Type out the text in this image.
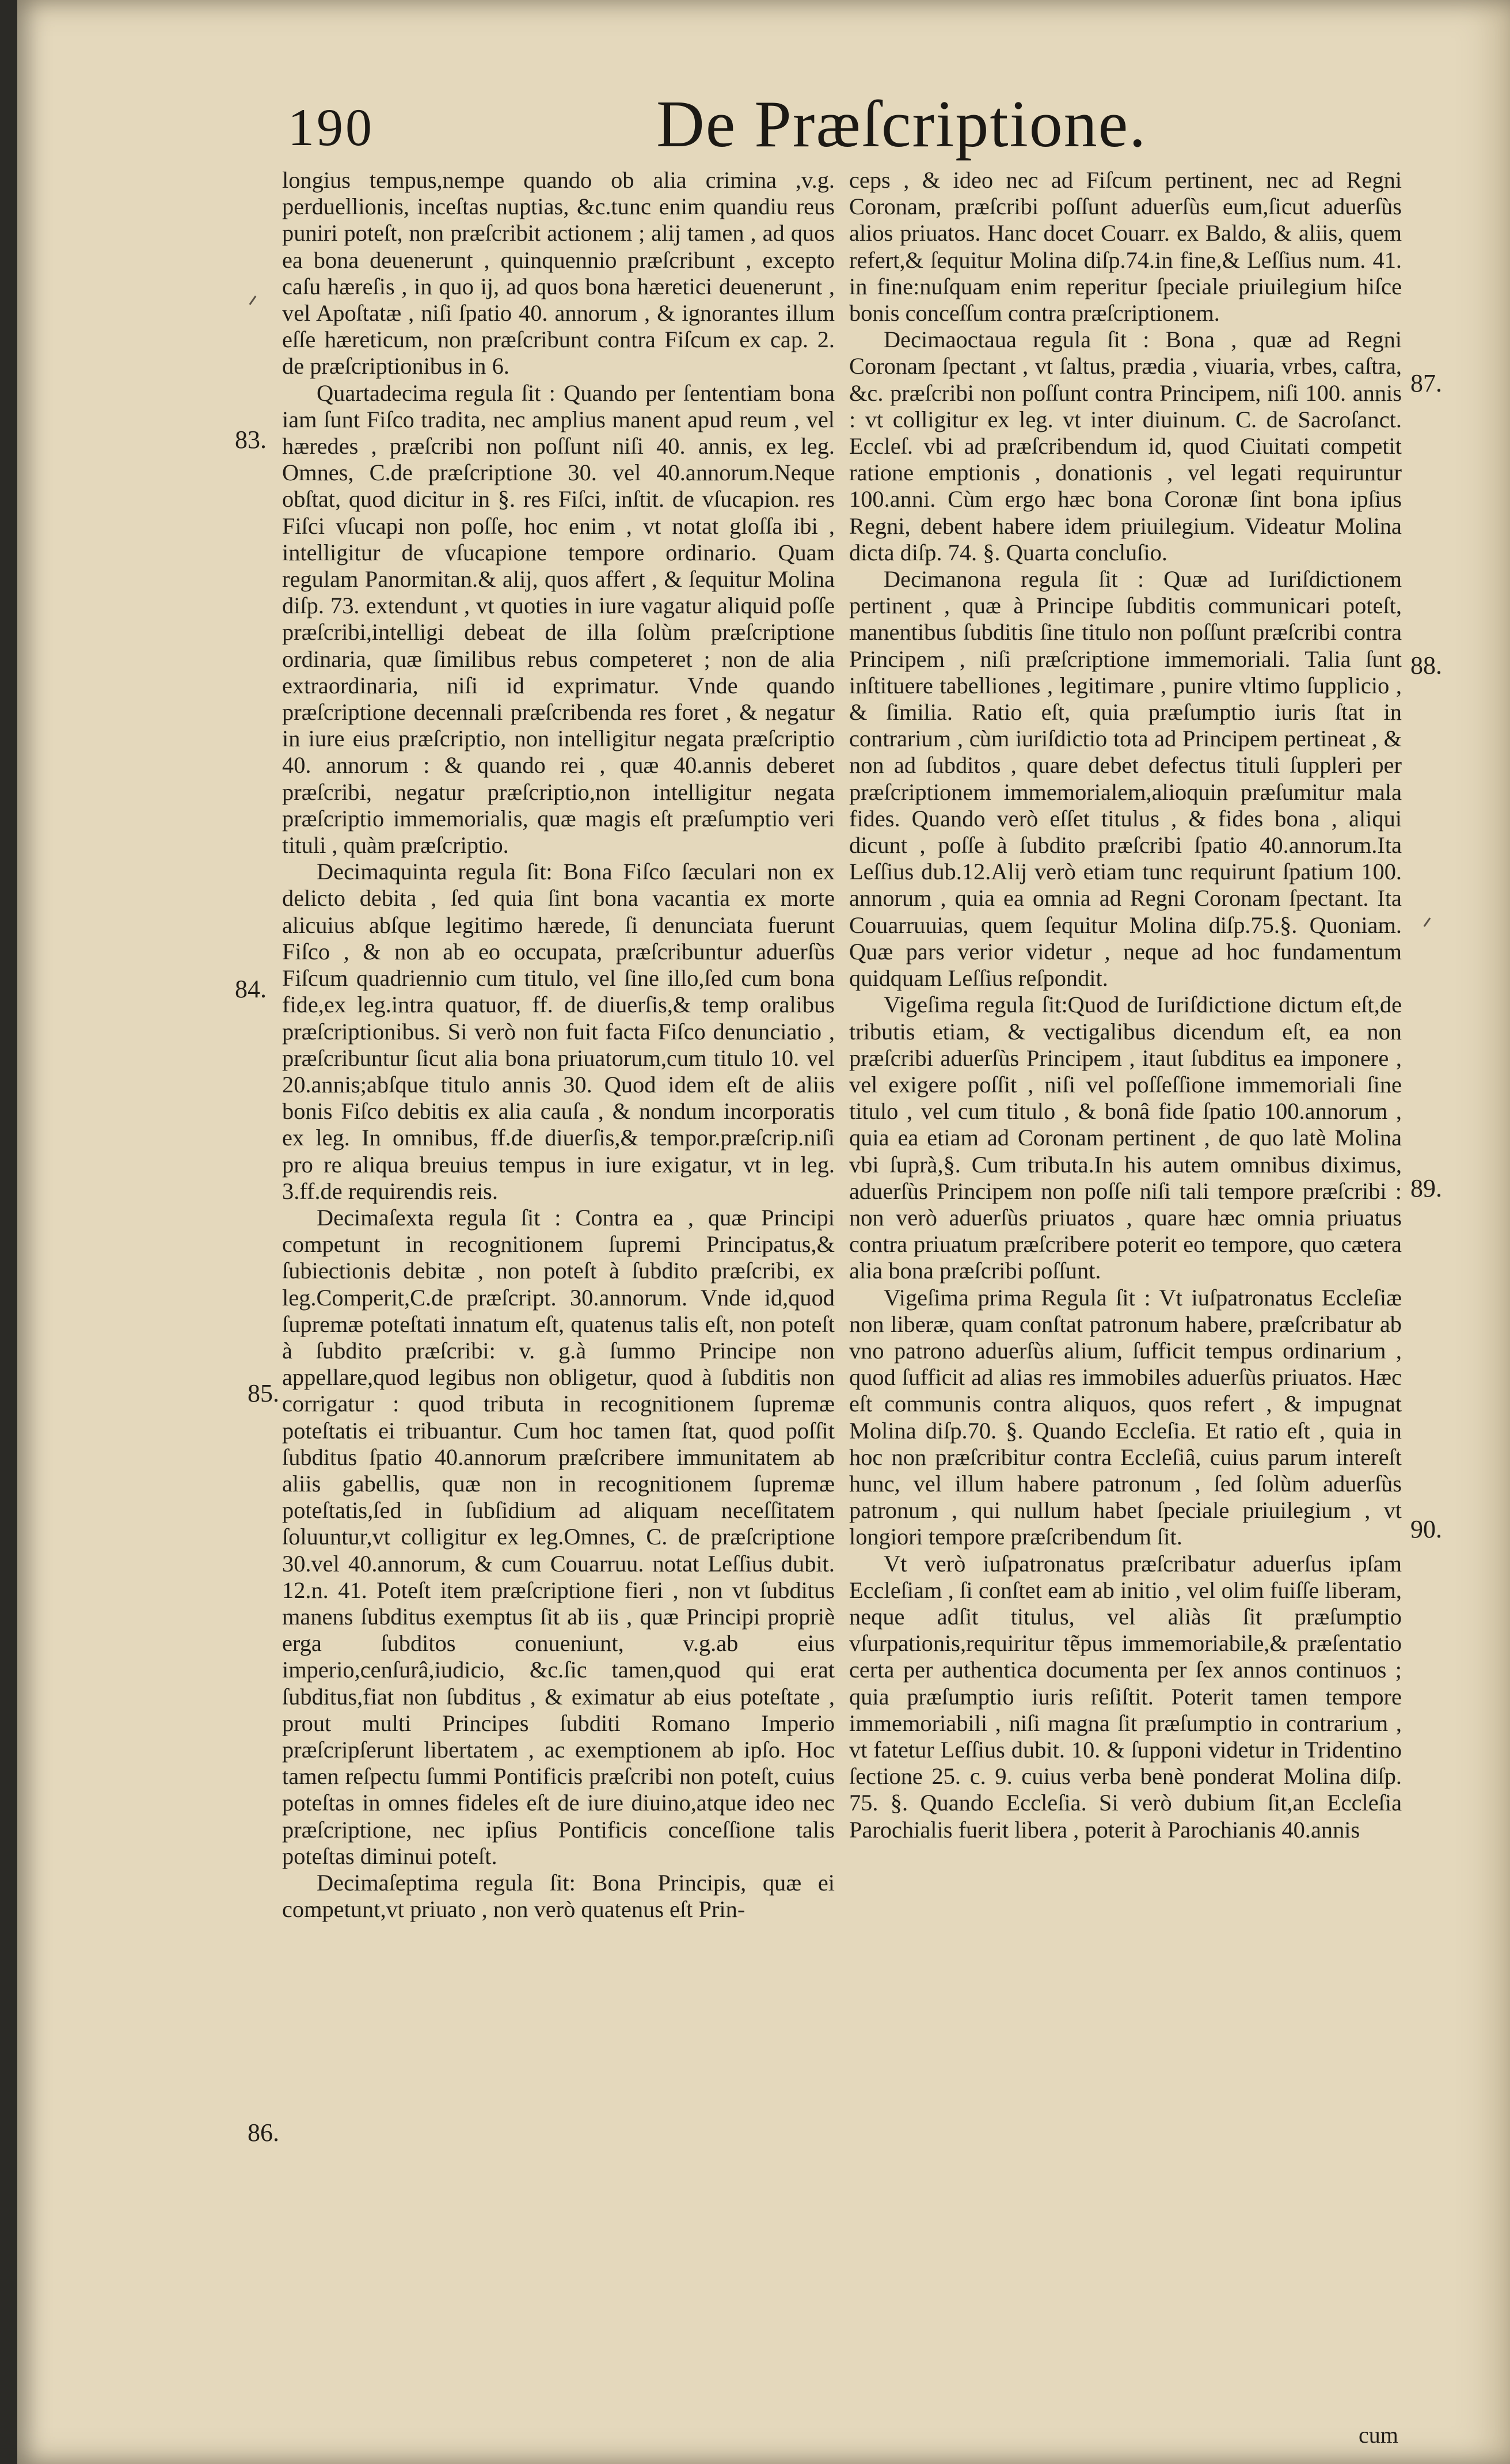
190	De Præſcriptione.
83.
84.
85.
86.
87.
88.
89.
90.

longius tempus,nempe quando ob alia crimina ,v.g. perduellionis, inceſtas nuptias, &c.tunc enim quandiu reus puniri poteſt, non præſcribit actionem ; alij tamen , ad quos ea bona deuenerunt , quinquennio præſcribunt , excepto caſu hæreſis , in quo ij, ad quos bona hæretici deuenerunt , vel Apoſtatæ , niſi ſpatio 40. annorum , & ignorantes illum eſſe hæreticum, non præſcribunt contra Fiſcum ex cap. 2. de præſcriptionibus in 6.

Quartadecima regula ſit : Quando per ſententiam bona iam ſunt Fiſco tradita, nec amplius manent apud reum , vel hæredes , præſcribi non poſſunt niſi 40. annis, ex leg. Omnes, C.de præſcriptione 30. vel 40.annorum.Neque obſtat, quod dicitur in §. res Fiſci, inſtit. de vſucapion. res Fiſci vſucapi non poſſe, hoc enim , vt notat gloſſa ibi , intelligitur de vſucapione tempore ordinario. Quam regulam Panormitan.& alij, quos affert , & ſequitur Molina diſp. 73. extendunt , vt quoties in iure vagatur aliquid poſſe præſcribi,intelligi debeat de illa ſolùm præſcriptione ordinaria, quæ ſimilibus rebus competeret ; non de alia extraordinaria, niſi id exprimatur. Vnde quando præſcriptione decennali præſcribenda res foret , & negatur in iure eius præſcriptio, non intelligitur negata præſcriptio 40. annorum : & quando rei , quæ 40.annis deberet præſcribi, negatur præſcriptio,non intelligitur negata præſcriptio immemorialis, quæ magis eſt præſumptio veri tituli , quàm præſcriptio.

Decimaquinta regula ſit: Bona Fiſco ſæculari non ex delicto debita , ſed quia ſint bona vacantia ex morte alicuius abſque legitimo hærede, ſi denunciata fuerunt Fiſco , & non ab eo occupata, præſcribuntur aduerſùs Fiſcum quadriennio cum titulo, vel ſine illo,ſed cum bona fide,ex leg.intra quatuor, ff. de diuerſis,& temp oralibus præſcriptionibus. Si verò non fuit facta Fiſco denunciatio , præſcribuntur ſicut alia bona priuatorum,cum titulo 10. vel 20.annis;abſque titulo annis 30. Quod idem eſt de aliis bonis Fiſco debitis ex alia cauſa , & nondum incorporatis ex leg. In omnibus, ff.de diuerſis,& tempor.præſcrip.niſi pro re aliqua breuius tempus in iure exigatur, vt in leg. 3.ff.de requirendis reis.

Decimaſexta regula ſit : Contra ea , quæ Principi competunt in recognitionem ſupremi Principatus,& ſubiectionis debitæ , non poteſt à ſubdito præſcribi, ex leg.Comperit,C.de præſcript. 30.annorum. Vnde id,quod ſupremæ poteſtati innatum eſt, quatenus talis eſt, non poteſt à ſubdito præſcribi: v. g.à ſummo Principe non appellare,quod legibus non obligetur, quod à ſubditis non corrigatur : quod tributa in recognitionem ſupremæ poteſtatis ei tribuantur. Cum hoc tamen ſtat, quod poſſit ſubditus ſpatio 40.annorum præſcribere immunitatem ab aliis gabellis, quæ non in recognitionem ſupremæ poteſtatis,ſed in ſubſidium ad aliquam neceſſitatem ſoluuntur,vt colligitur ex leg.Omnes, C. de præſcriptione 30.vel 40.annorum, & cum Couarruu. notat Leſſius dubit. 12.n. 41. Poteſt item præſcriptione fieri , non vt ſubditus manens ſubditus exemptus ſit ab iis , quæ Principi propriè erga ſubditos conueniunt, v.g.ab eius imperio,cenſurâ,iudicio, &c.ſic tamen,quod qui erat ſubditus,fiat non ſubditus , & eximatur ab eius poteſtate , prout multi Principes ſubditi Romano Imperio præſcripſerunt libertatem , ac exemptionem ab ipſo. Hoc tamen reſpectu ſummi Pontificis præſcribi non poteſt, cuius poteſtas in omnes fideles eſt de iure diuino,atque ideo nec præſcriptione, nec ipſius Pontificis conceſſione talis poteſtas diminui poteſt.

Decimaſeptima regula ſit: Bona Principis, quæ ei competunt,vt priuato , non verò quatenus eſt Prin-

ceps , & ideo nec ad Fiſcum pertinent, nec ad Regni Coronam, præſcribi poſſunt aduerſùs eum,ſicut aduerſùs alios priuatos. Hanc docet Couarr. ex Baldo, & aliis, quem refert,& ſequitur Molina diſp.74.in fine,& Leſſius num. 41. in fine:nuſquam enim reperitur ſpeciale priuilegium hiſce bonis conceſſum contra præſcriptionem.

Decimaoctaua regula ſit : Bona , quæ ad Regni Coronam ſpectant , vt ſaltus, prædia , viuaria, vrbes, caſtra, &c. præſcribi non poſſunt contra Principem, niſi 100. annis : vt colligitur ex leg. vt inter diuinum. C. de Sacroſanct. Eccleſ. vbi ad præſcribendum id, quod Ciuitati competit ratione emptionis , donationis , vel legati requiruntur 100.anni. Cùm ergo hæc bona Coronæ ſint bona ipſius Regni, debent habere idem priuilegium. Videatur Molina dicta diſp. 74. §. Quarta concluſio.

Decimanona regula ſit : Quæ ad Iuriſdictionem pertinent , quæ à Principe ſubditis communicari poteſt, manentibus ſubditis ſine titulo non poſſunt præſcribi contra Principem , niſi præſcriptione immemoriali. Talia ſunt inſtituere tabelliones , legitimare , punire vltimo ſupplicio , & ſimilia. Ratio eſt, quia præſumptio iuris ſtat in contrarium , cùm iuriſdictio tota ad Principem pertineat , & non ad ſubditos , quare debet defectus tituli ſuppleri per præſcriptionem immemorialem,alioquin præſumitur mala fides. Quando verò eſſet titulus , & fides bona , aliqui dicunt , poſſe à ſubdito præſcribi ſpatio 40.annorum.Ita Leſſius dub.12.Alij verò etiam tunc requirunt ſpatium 100. annorum , quia ea omnia ad Regni Coronam ſpectant. Ita Couarruuias, quem ſequitur Molina diſp.75.§. Quoniam. Quæ pars verior videtur , neque ad hoc fundamentum quidquam Leſſius reſpondit.

Vigeſima regula ſit:Quod de Iuriſdictione dictum eſt,de tributis etiam, & vectigalibus dicendum eſt, ea non præſcribi aduerſùs Principem , itaut ſubditus ea imponere , vel exigere poſſit , niſi vel poſſeſſione immemoriali ſine titulo , vel cum titulo , & bonâ fide ſpatio 100.annorum , quia ea etiam ad Coronam pertinent , de quo latè Molina vbi ſuprà,§. Cum tributa.In his autem omnibus diximus, aduerſùs Principem non poſſe niſi tali tempore præſcribi : non verò aduerſùs priuatos , quare hæc omnia priuatus contra priuatum præſcribere poterit eo tempore, quo cætera alia bona præſcribi poſſunt.

Vigeſima prima Regula ſit : Vt iuſpatronatus Eccleſiæ non liberæ, quam conſtat patronum habere, præſcribatur ab vno patrono aduerſùs alium, ſufficit tempus ordinarium , quod ſufficit ad alias res immobiles aduerſùs priuatos. Hæc eſt communis contra aliquos, quos refert , & impugnat Molina diſp.70. §. Quando Eccleſia. Et ratio eſt , quia in hoc non præſcribitur contra Eccleſiâ, cuius parum intereſt hunc, vel illum habere patronum , ſed ſolùm aduerſùs patronum , qui nullum habet ſpeciale priuilegium , vt longiori tempore præſcribendum ſit.

Vt verò iuſpatronatus præſcribatur aduerſus ipſam Eccleſiam , ſi conſtet eam ab initio , vel olim fuiſſe liberam, neque adſit titulus, vel aliàs ſit præſumptio vſurpationis,requiritur tẽpus immemoriabile,& præſentatio certa per authentica documenta per ſex annos continuos ; quia præſumptio iuris reſiſtit. Poterit tamen tempore immemoriabili , niſi magna ſit præſumptio in contrarium , vt fatetur Leſſius dubit. 10. & ſupponi videtur in Tridentino ſectione 25. c. 9. cuius verba benè ponderat Molina diſp. 75. §. Quando Eccleſia. Si verò dubium ſit,an Eccleſia Parochialis fuerit libera , poterit à Parochianis 40.annis

cum
